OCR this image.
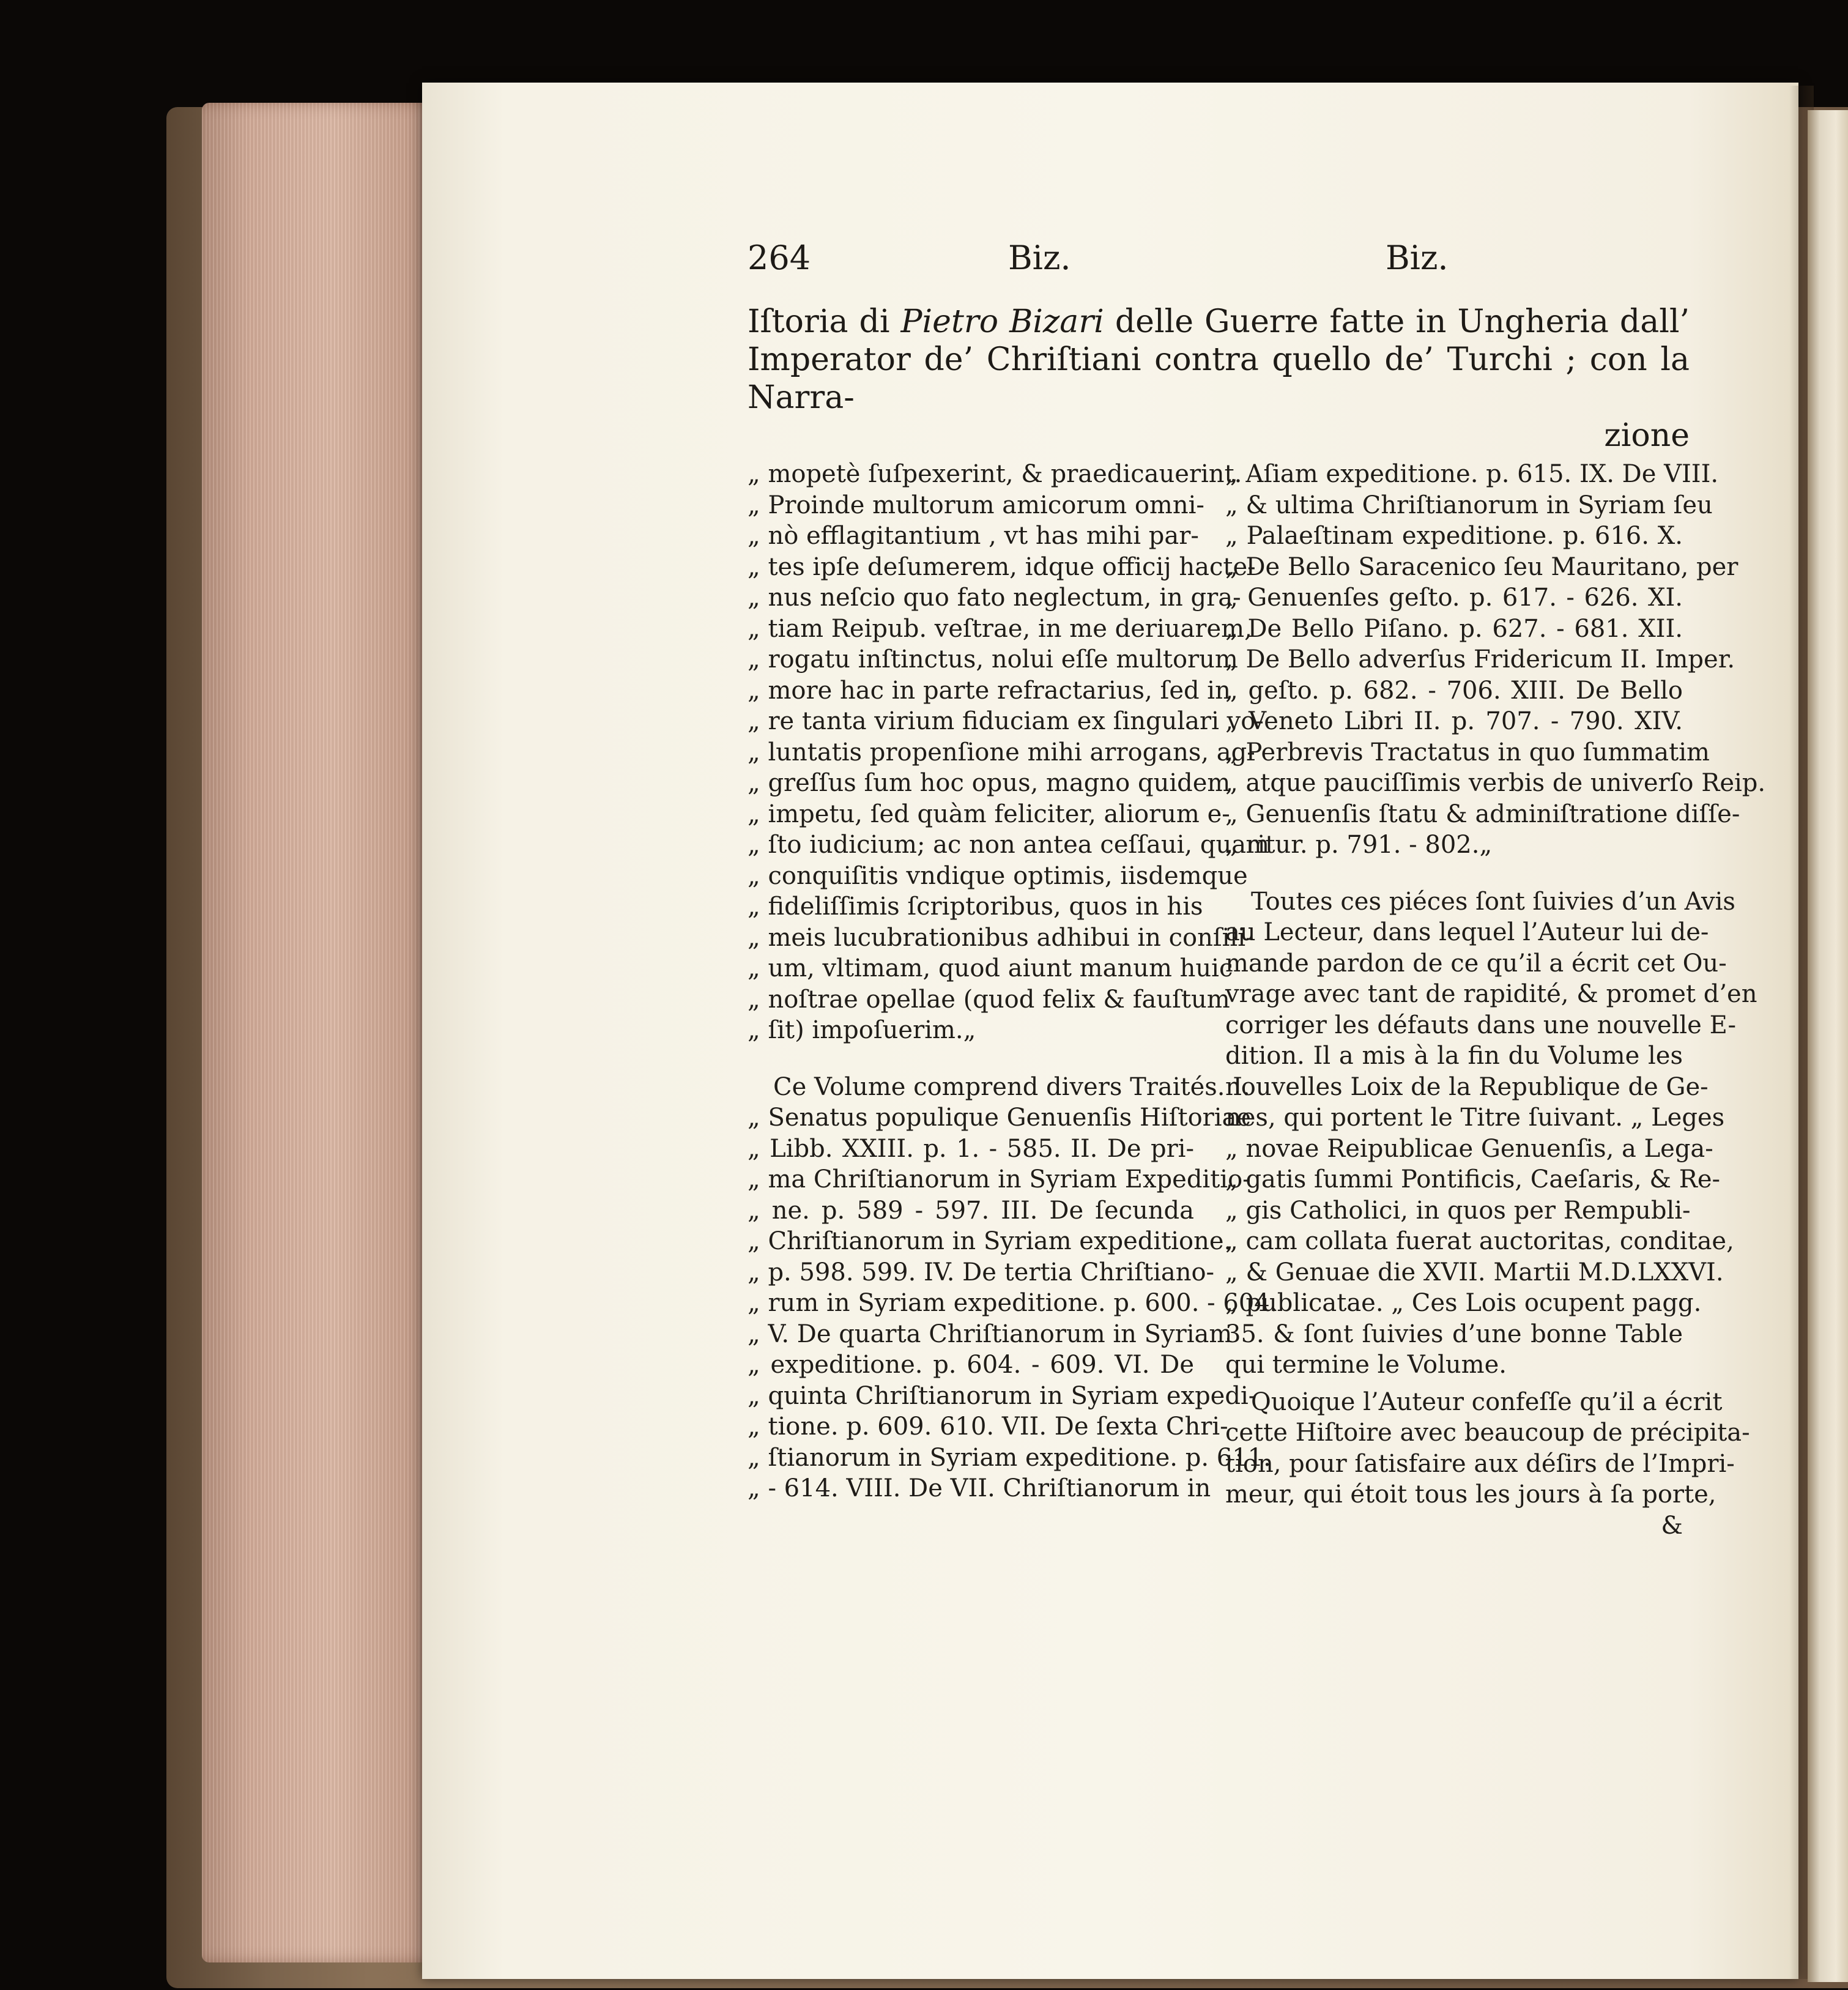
264	Biz.	Biz.
Iſtoria di Pietro Bizari delle Guerre fatte in Ungheria dall’
Imperator de’ Chriſtiani contra quello de’ Turchi ; con la Narra-
zione
„ mopetè ſuſpexerint, & praedicauerint.
„ Proinde multorum amicorum omni-
„ nò efflagitantium , vt has mihi par-
„ tes ipſe deſumerem, idque officij hacte-
„ nus neſcio quo fato neglectum, in gra-
„ tiam Reipub. veſtrae, in me deriuarem,
„ rogatu inſtinctus, nolui eſſe multorum
„ more hac in parte refractarius, ſed in
„ re tanta virium fiduciam ex ſingulari vo-
„ luntatis propenſione mihi arrogans, ag-
„ greſſus ſum hoc opus, magno quidem
„ impetu, ſed quàm feliciter, aliorum e-
„ ſto iudicium; ac non antea ceſſaui, quam
„ conquiſitis vndique optimis, iisdemque
„ fideliſſimis ſcriptoribus, quos in his
„ meis lucubrationibus adhibui in conſili-
„ um, vltimam, quod aiunt manum huic
„ noſtrae opellae (quod felix & fauſtum
„ ſit) impoſuerim.„
Ce Volume comprend divers Traités. I.
„ Senatus populique Genuenſis Hiſtoriae
„ Libb. XXIII. p. 1. - 585. II. De pri-
„ ma Chriſtianorum in Syriam Expeditio-
„ ne. p. 589 - 597. III. De ſecunda
„ Chriſtianorum in Syriam expeditione.
„ p. 598. 599. IV. De tertia Chriſtiano-
„ rum in Syriam expeditione. p. 600. - 604.
„ V. De quarta Chriſtianorum in Syriam
„ expeditione. p. 604. - 609. VI. De
„ quinta Chriſtianorum in Syriam expedi-
„ tione. p. 609. 610. VII. De ſexta Chri-
„ ſtianorum in Syriam expeditione. p. 611.
„ - 614. VIII. De VII. Chriſtianorum in
„ Aſiam expeditione. p. 615. IX. De VIII.
„ & ultima Chriſtianorum in Syriam ſeu
„ Palaeſtinam expeditione. p. 616. X.
„ De Bello Saracenico ſeu Mauritano, per
„ Genuenſes geſto. p. 617. - 626. XI.
„ De Bello Piſano. p. 627. - 681. XII.
„ De Bello adverſus Fridericum II. Imper.
„ geſto. p. 682. - 706. XIII. De Bello
„ Veneto Libri II. p. 707. - 790. XIV.
„ Perbrevis Tractatus in quo ſummatim
„ atque pauciſſimis verbis de univerſo Reip.
„ Genuenſis ſtatu & adminiſtratione diſſe-
„ ritur. p. 791. - 802.„
Toutes ces piéces ſont ſuivies d’un Avis
au Lecteur, dans lequel l’Auteur lui de-
mande pardon de ce qu’il a écrit cet Ou-
vrage avec tant de rapidité, & promet d’en
corriger les défauts dans une nouvelle E-
dition. Il a mis à la fin du Volume les
nouvelles Loix de la Republique de Ge-
nes, qui portent le Titre ſuivant. „ Leges
„ novae Reipublicae Genuenſis, a Lega-
„ gatis ſummi Pontificis, Caeſaris, & Re-
„ gis Catholici, in quos per Rempubli-
„ cam collata fuerat auctoritas, conditae,
„ & Genuae die XVII. Martii M.D.LXXVI.
„ publicatae. „ Ces Lois ocupent pagg.
35. & ſont ſuivies d’une bonne Table
qui termine le Volume.
Quoique l’Auteur confeſſe qu’il a écrit
cette Hiſtoire avec beaucoup de précipita-
tion, pour ſatisfaire aux déſirs de l’Impri-
meur, qui étoit tous les jours à ſa porte,
&
